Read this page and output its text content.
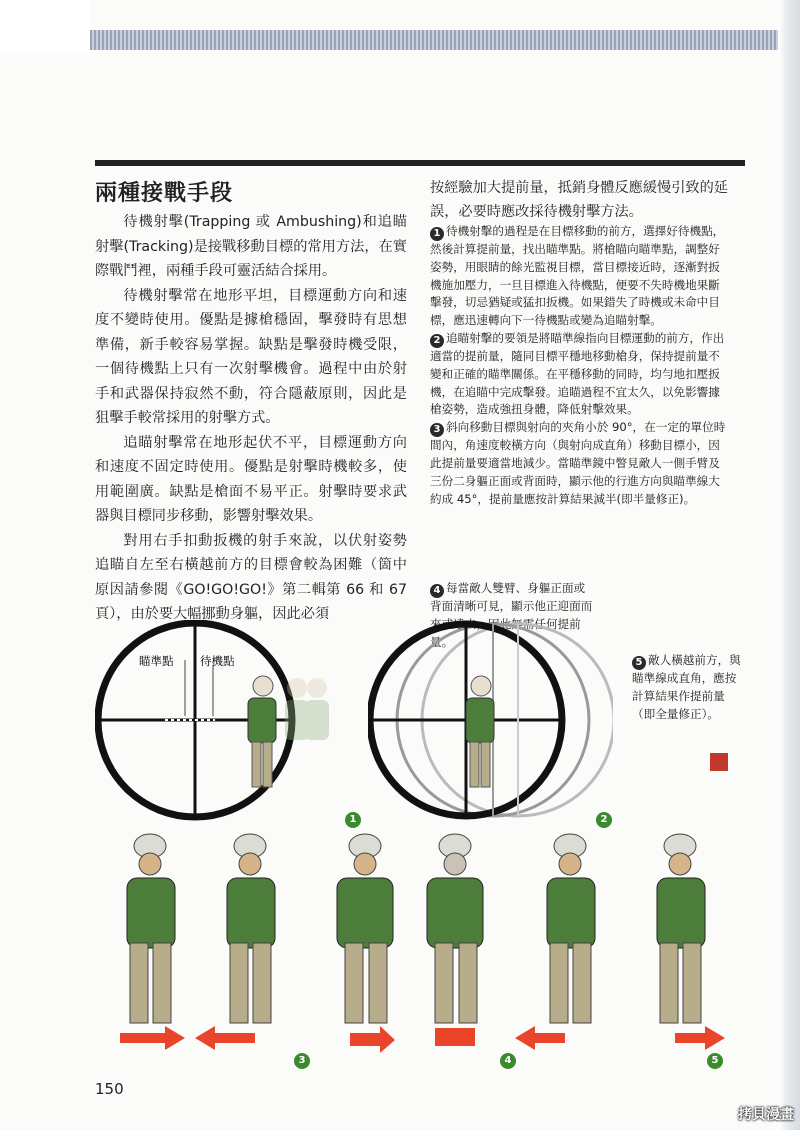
兩種接戰手段

待機射擊(Trapping 或 Ambushing)和追瞄射擊(Tracking)是接戰移動目標的常用方法，在實際戰鬥裡，兩種手段可靈活結合採用。

待機射擊常在地形平坦，目標運動方向和速度不變時使用。優點是據槍穩固，擊發時有思想準備，新手較容易掌握。缺點是擊發時機受限，一個待機點上只有一次射擊機會。過程中由於射手和武器保持寂然不動，符合隱蔽原則，因此是狙擊手較常採用的射擊方式。

追瞄射擊常在地形起伏不平，目標運動方向和速度不固定時使用。優點是射擊時機較多，使用範圍廣。缺點是槍面不易平正。射擊時要求武器與目標同步移動，影響射擊效果。

對用右手扣動扳機的射手來說，以伏射姿勢追瞄自左至右橫越前方的目標會較為困難（箇中原因請參閱《GO!GO!GO!》第二輯第 66 和 67 頁），由於要大幅挪動身軀，因此必須

按經驗加大提前量，抵銷身體反應緩慢引致的延誤，必要時應改採待機射擊方法。

1 待機射擊的過程是在目標移動的前方，選擇好待機點，然後計算提前量，找出瞄準點。將槍瞄向瞄準點，調整好姿勢，用眼睛的餘光監視目標，當目標接近時，逐漸對扳機施加壓力，一旦目標進入待機點，便要不失時機地果斷擊發，切忌猶疑或猛扣扳機。如果錯失了時機或未命中目標，應迅速轉向下一待機點或變為追瞄射擊。

2 追瞄射擊的要領是將瞄準線指向目標運動的前方，作出適當的提前量，隨同目標平穩地移動槍身，保持提前量不變和正確的瞄準關係。在平穩移動的同時，均勻地扣壓扳機，在追瞄中完成擊發。追瞄過程不宜太久，以免影響據槍姿勢，造成強扭身體，降低射擊效果。

3 斜向移動目標與射向的夾角小於 90°，在一定的單位時間內，角速度較橫方向（與射向成直角）移動目標小，因此提前量要適當地減少。當瞄準鏡中瞥見敵人一側手臂及三份二身軀正面或背面時，顯示他的行進方向與瞄準線大約成 45°，提前量應按計算結果減半(即半量修正)。

4 每當敵人雙臂、身軀正面或背面清晰可見，顯示他正迎面而來或遠去，因此無需任何提前量。

5 敵人橫越前方，與瞄準線成直角，應按計算結果作提前量（即全量修正）。

瞄準點 待機點
1	2
3	4	5
150
拷貝漫畫
